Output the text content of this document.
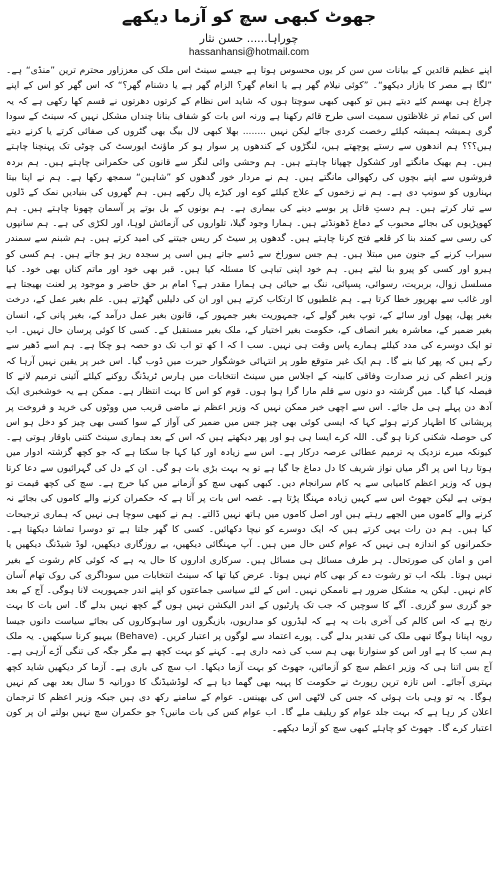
جھوٹ کبھی سچ کو آزما دیکھے
چوراہا...... حسن نثار
hassanhansi@hotmail.com

اپنے عظیم قائدین کے بیانات سن سن کر یوں محسوس ہوتا ہے جیسے سینٹ اس ملک کی معززاور محترم ترین ”منڈی“ ہے۔ ”لگا ہے مصر کا بازار دیکھو“۔ ”کوئی نیلام گھر ہے یا انعام گھر؟ الزام گھر ہے یا دشنام گھر؟“ کہ اس گھر کو اس کے اپنے چراغ ہی بھسم کئے دیتے ہیں تو کبھی کبھی سوچتا ہوں کہ شاید اس نظام کے کرتوں دھرتوں نے قسم کھا رکھی ہے کہ یہ اس کی تمام تر غلاظتوں سمیت اسی طرح قائم رکھنا ہے ورنہ اس بات کو شفاف بنانا چنداں مشکل نہیں کہ سینٹ کے سودا گری ہمیشہ ہمیشہ کیلئے رخصت کردی جائے لیکن نہیں ........ بھلا کبھی لال بیگ بھی گٹروں کی صفائی کرتے یا کرنے دیتے ہیں؟؟؟ ہم اندھوں سے رستے پوچھتے ہیں، لنگڑوں کے کندھوں پر سوار ہو کر ماؤنٹ ایورسٹ کی چوٹی تک پہنچنا چاہتے ہیں۔ ہم بھیک مانگتے اور کشکول چھپانا چاہتے ہیں۔ ہم وحشی وائی لنگز سے قانون کی حکمرانی چاہتے ہیں۔ ہم بردہ فروشوں سے اپنے بچوں کی رکھوالی مانگتے ہیں۔ ہم نے مردار خور گدھوں کو ”شاہین“ سمجھ رکھا ہے۔ ہم نے اپنا بیتا بہناروں کو سونپ دی ہے۔ ہم نے زخموں کے علاج کیلئے کوے اور کیڑے پال رکھے ہیں۔ ہم گھروں کی بنیادیں نمک کے ڈلوں سے تیار کرتے ہیں۔ ہم دستِ قاتل پر بوسے دینے کی بیماری ہے۔ ہم بونوں کے بل بوتے پر آسمان چھونا چاہتے ہیں۔ ہم کھوپڑیوں کی بجائے محبوب کے دماغ ڈھونڈتے ہیں۔ ہمارا وجود گیلا، تلواروں کی آزمائش لوہا، اور لکڑی کی ہے۔ ہم سانپوں کی رسی سے کمند بنا کر قلعے فتح کرنا چاہتے ہیں۔ گدھوں پر سیٹ کر ریس جیتنے کی امید کرتے ہیں۔ ہم شبنم سے سمندر سیراب کرنے کے جنون میں مبتلا ہیں۔ ہم جس سوراخ سے ڈسے جاتے ہیں اسی پر سجدہ ریز ہو جاتے ہیں۔ ہم کسی کو ہیرو اور کسی کو پیرو بنا لیتے ہیں۔ ہم خود اپنی تباہی کا مسئلہ کیا ہیں۔ قبر بھی خود اور ماتم کناں بھی خود۔ کیا مسلسل زوال، بربریت، رسوائی، پسپائی، ننگ بے حیائی ہی ہمارا مقدر ہے؟ امام بر حق حاضر و موجود پر لعنت بھیجتا ہے اور غائب سے بھرپور خطا کرتا ہے۔ ہم غلطیوں کا ارتکاب کرتے ہیں اور ان کی دلیلیں گھڑتے ہیں۔ علم بغیر عمل کے، درخت بغیر پھل، پھول اور سائے کے، توپ بغیر گولے کے، جمہوریت بغیر جمہور کے، قانون بغیر عمل درآمد کے، بغیر پانی کے، انسان بغیر ضمیر کے، معاشرہ بغیر انصاف کے، حکومت بغیر اختیار کے، ملک بغیر مستقبل کے۔ کسی کا کوئی پرسان حال نہیں۔ اب تو ایک دوسرے کی مدد کیلئے ہمارے پاس وقت ہی نہیں۔ سب ا کہ ا کھ تو اب تک دو حصہ ہو چکا ہے۔ ہم اسے ڈھیر سے رکے ہیں کہ پھر کیا بنے گا۔ ہم ایک غیر متوقع طور پر انتہائی خوشگوار حیرت میں ڈوب گیا۔ اس خبر پر یقین نہیں آرہا کہ وزیر اعظم کی زیر صدارت وفاقی کابینہ کے اجلاس میں سینٹ انتخابات میں ہارس ٹریڈنگ روکنے کیلئے آئینی ترمیم لانے کا فیصلہ کیا گیا۔ میں گزشتہ دو دنوں سے قلم مارا گرا ہوا ہوں۔ قوم کو اس کا بہت انتظار ہے۔ ممکن ہے یہ خوشخبری ایک آدھ دن پہلے ہی مل جائے۔ اس سے اچھی خبر ممکن نہیں کہ وزیر اعظم نے ماضی قریب میں ووٹوں کی خرید و فروخت پر پریشانی کا اظہار کرتے ہوئے کہا کہ ایسی کوئی بھی چیز جس میں ضمیر کی آواز کے سوا کسی بھی چیز کو دخل ہو اس کی حوصلہ شکنی کرنا ہو گی۔ اللہ کرے ایسا ہی ہو اور پھر دیکھتے ہیں کہ اس کے بعد ہماری سینٹ کتنی باوقار ہوتی ہے۔ کیونکہ میرے نزدیک یہ ترمیم عطائی عرصہ درکار ہے۔ اس سے زیادہ اور کیا کہا جا سکتا ہے کہ جو کچھ گزشتہ ادوار میں ہوتا رہا اس پر اگر میاں نواز شریف کا دل دماغ جا گیا ہے تو یہ بہت بڑی بات ہو گی۔ ان کے دل کی گہرائیوں سے دعا کرتا ہوں کہ وزیر اعظم کامیابی سے یہ کام سرانجام دیں۔ کبھی کبھی سچ کو آزمانے میں کیا حرج ہے۔ سچ کی کچھ قیمت تو ہوتی ہے لیکن جھوٹ اس سے کہیں زیادہ مہنگا پڑتا ہے۔ غصہ اس بات پر آتا ہے کہ حکمران کرنے والے کاموں کی بجائے نہ کرنے والے کاموں میں الجھے رہتے ہیں اور اصل کاموں میں ہاتھ نہیں ڈالتے۔ ہم نے کبھی سوچا ہی نہیں کہ ہماری ترجیحات کیا ہیں۔ ہم دن رات یہی کرتے ہیں کہ ایک دوسرے کو نیچا دکھائیں۔ کسی کا گھر جلتا ہے تو دوسرا تماشا دیکھتا ہے۔ حکمرانوں کو اندازہ ہی نہیں کہ عوام کس حال میں ہیں۔ آپ مہنگائی دیکھیں، بے روزگاری دیکھیں، لوڈ شیڈنگ دیکھیں یا امن و امان کی صورتحال۔ ہر طرف مسائل ہی مسائل ہیں۔ سرکاری اداروں کا حال یہ ہے کہ کوئی کام رشوت کے بغیر نہیں ہوتا۔ بلکہ اب تو رشوت دے کر بھی کام نہیں ہوتا۔ عرض کیا تھا کہ سینٹ انتخابات میں سوداگری کی روک تھام آسان کام نہیں۔ لیکن یہ مشکل ضرور ہے ناممکن نہیں۔ اس کے لئے سیاسی جماعتوں کو اپنے اندر جمہوریت لانا ہوگی۔ آج کے بعد جو گزری سو گزری۔ آگے کا سوچیں کہ جب تک پارٹیوں کے اندر الیکشن نہیں ہوں گے کچھ نہیں بدلے گا۔ اس بات کا بہت رنج ہے کہ اس کالم کی آخری بات یہ ہے کہ لیڈروں کو مداریوں، بازیگروں اور ساہوکاروں کی بجائے سیاست دانوں جیسا رویہ اپنانا ہوگا تبھی ملک کی تقدیر بدلے گی۔ پورے اعتماد سے لوگوں پر اعتبار کریں۔ (Behave) بیہیو کرنا سیکھیں۔ یہ ملک ہم سب کا ہے اور اس کو سنوارنا بھی ہم سب کی ذمہ داری ہے۔ کہنے کو بہت کچھ ہے مگر جگہ کی تنگی آڑے آرہی ہے۔ آج بس اتنا ہی کہ وزیر اعظم سچ کو آزمائیں، جھوٹ کو بہت آزما دیکھا۔ اب سچ کی باری ہے۔ آزما کر دیکھیں شاید کچھ بہتری آجائے۔ اس تازہ ترین رپورٹ نے حکومت کا پہیہ بھی گھما دیا ہے کہ لوڈشیڈنگ کا دورانیہ 5 سال بعد بھی کم نہیں ہوگا۔ یہ تو وہی بات ہوئی کہ جس کی لاٹھی اس کی بھینس۔ عوام کے سامنے رکھ دی ہیں جبکہ وزیر اعظم کا ترجمان اعلان کر رہا ہے کہ بہت جلد عوام کو ریلیف ملے گا۔ اب عوام کس کی بات مانیں؟ جو حکمران سچ نہیں بولتے ان پر کون اعتبار کرے گا۔ جھوٹ کو چاہئے کبھی سچ کو آزما دیکھے۔
